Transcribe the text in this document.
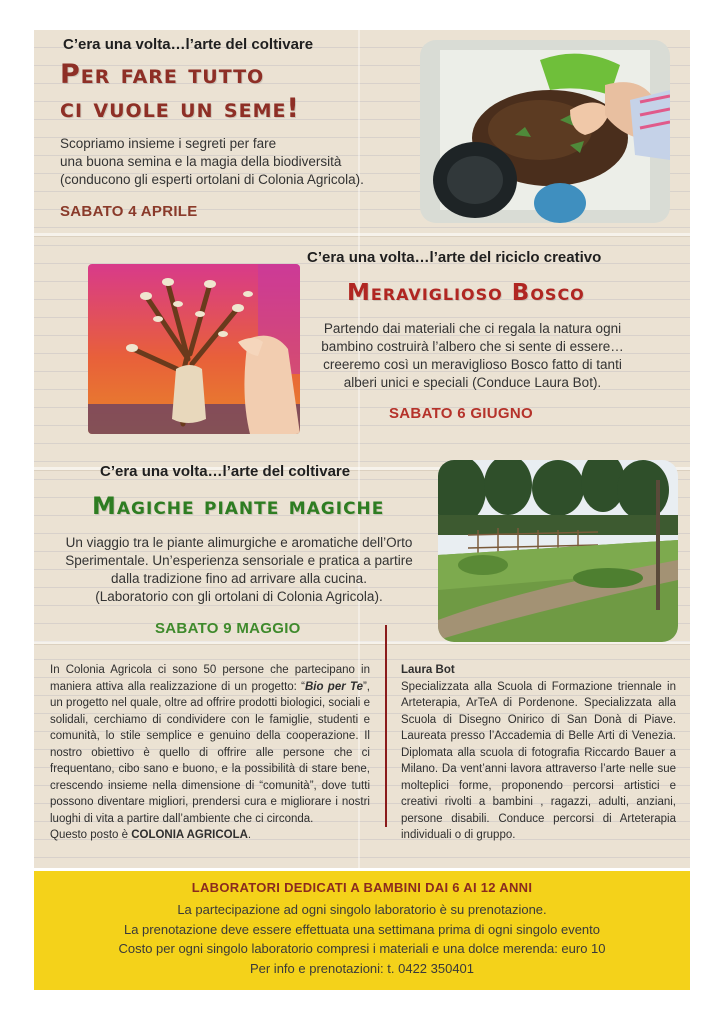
C’era una volta…l’arte del coltivare
Per fare tutto
ci vuole un seme!
Scopriamo insieme i segreti per fare
una buona semina e la magia della biodiversità
(conducono gli esperti ortolani di Colonia Agricola).
SABATO 4 APRILE
C’era una volta…l’arte del riciclo creativo
Meraviglioso Bosco
Partendo dai materiali che ci regala la natura ogni
bambino costruirà l’albero che si sente di essere…
creeremo così un meraviglioso Bosco fatto di tanti
alberi unici e speciali (Conduce Laura Bot).
SABATO 6 GIUGNO
C’era una volta…l’arte del coltivare
Magiche piante magiche
Un viaggio tra le piante alimurgiche e aromatiche dell’Orto
Sperimentale. Un’esperienza sensoriale e pratica a partire
dalla tradizione fino ad arrivare alla cucina.
(Laboratorio con gli ortolani di Colonia Agricola).
SABATO 9 MAGGIO

In Colonia Agricola ci sono 50 persone che partecipano in maniera attiva alla realizzazione di un progetto: “Bio per Te”, un progetto nel quale, oltre ad offrire prodotti biologici, sociali e solidali, cerchiamo di condividere con le famiglie, studenti e comunità, lo stile semplice e genuino della cooperazione. Il nostro obiettivo è quello di offrire alle persone che ci frequentano, cibo sano e buono, e la possibilità di stare bene, crescendo insieme nella dimensione di “comunità”, dove tutti possono diventare migliori, prendersi cura e migliorare i nostri luoghi di vita a partire dall’ambiente che ci circonda.

Questo posto è COLONIA AGRICOLA.

Laura Bot

Specializzata alla Scuola di Formazione triennale in Arteterapia, ArTeA di Pordenone. Specializzata alla Scuola di Disegno Onirico di San Donà di Piave. Laureata presso l’Accademia di Belle Arti di Venezia. Diplomata alla scuola di fotografia Riccardo Bauer a Milano. Da vent’anni lavora attraverso l’arte nelle sue molteplici forme, proponendo percorsi artistici e creativi rivolti a bambini , ragazzi, adulti, anziani, persone disabili. Conduce percorsi di Arteterapia individuali o di gruppo.

LABORATORI DEDICATI A BAMBINI DAI 6 AI 12 ANNI
La partecipazione ad ogni singolo laboratorio è su prenotazione.
La prenotazione deve essere effettuata una settimana prima di ogni singolo evento
Costo per ogni singolo laboratorio compresi i materiali e una dolce merenda: euro 10
Per info e prenotazioni: t. 0422 350401
